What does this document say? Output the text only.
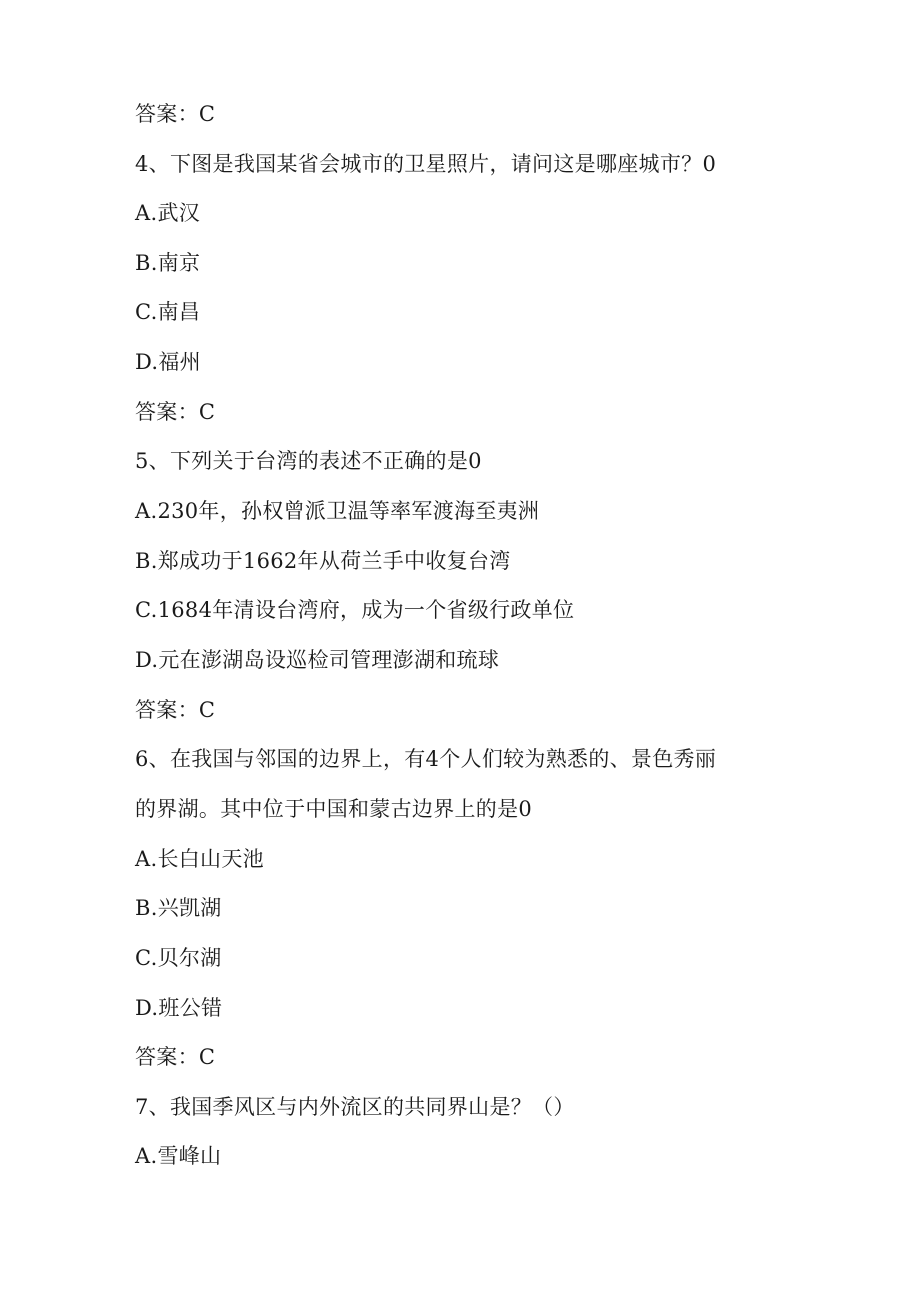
答案：C
4、下图是我国某省会城市的卫星照片，请问这是哪座城市？0
A.武汉
B.南京
C.南昌
D.福州
答案：C
5、下列关于台湾的表述不正确的是0
A.230年，孙权曾派卫温等率军渡海至夷洲
B.郑成功于1662年从荷兰手中收复台湾
C.1684年清设台湾府，成为一个省级行政单位
D.元在澎湖岛设巡检司管理澎湖和琉球
答案：C
6、在我国与邻国的边界上，有4个人们较为熟悉的、景色秀丽
的界湖。其中位于中国和蒙古边界上的是0
A.长白山天池
B.兴凯湖
C.贝尔湖
D.班公错
答案：C
7、我国季风区与内外流区的共同界山是？（）
A.雪峰山
